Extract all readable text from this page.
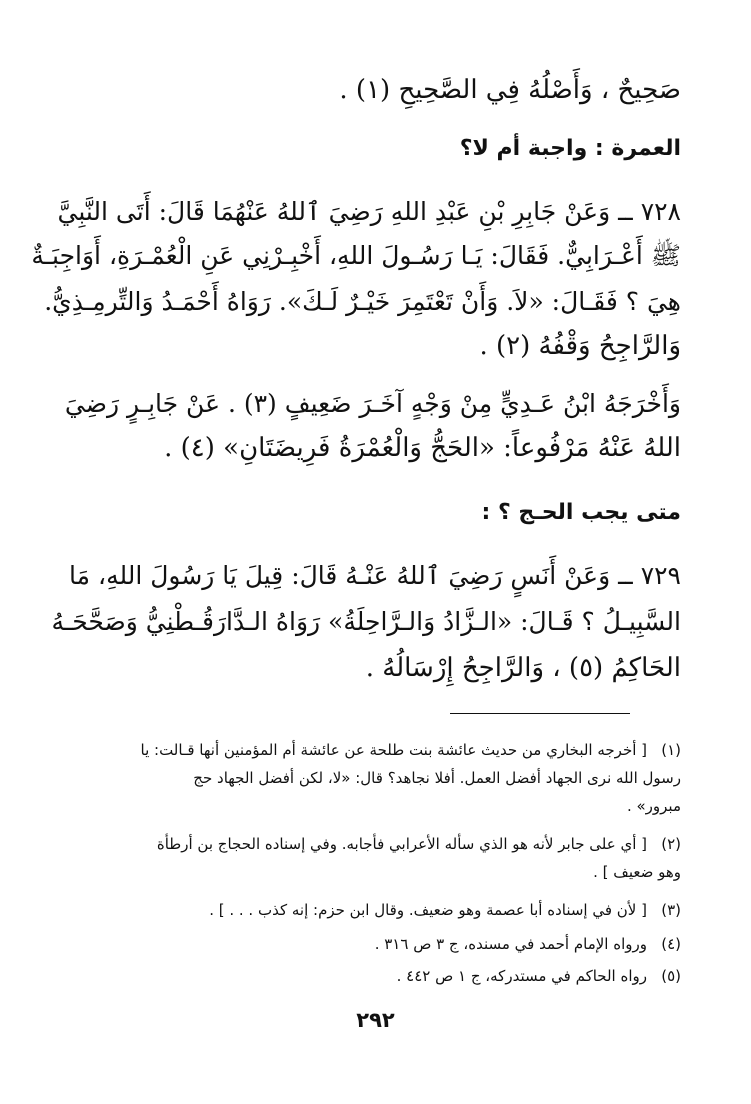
صَحِيحٌ ، وَأَصْلُهُ فِي الصَّحِيحِ (١) .
العمرة : واجبة أم لا؟
٧٢٨ ــ وَعَنْ جَابِرِ بْنِ عَبْدِ اللهِ رَضِيَ ٱللهُ عَنْهُمَا قَالَ: أَتَى النَّبِيَّ
ﷺ أَعْـرَابِيٌّ. فَقَالَ: يَـا رَسُـولَ اللهِ، أَخْبِـرْنِي عَنِ الْعُمْـرَةِ، أَوَاجِبَـةٌ
هِيَ ؟ فَقَـالَ: «لاَ. وَأَنْ تَعْتَمِرَ خَيْـرٌ لَـكَ». رَوَاهُ أَحْمَـدُ وَالتِّرمِـذِيُّ.
وَالرَّاجِحُ وَقْفُهُ (٢) .
وَأَخْرَجَهُ ابْنُ عَـدِيٍّ مِنْ وَجْهٍ آخَـرَ ضَعِيفٍ (٣) . عَنْ جَابِـرٍ رَضِيَ
اللهُ عَنْهُ مَرْفُوعاً: «الحَجُّ وَالْعُمْرَةُ فَرِيضَتَانِ» (٤) .
متى يجب الحـج ؟ :
٧٢٩ ــ وَعَنْ أَنَسٍ رَضِيَ ٱللهُ عَنْـهُ قَالَ: قِيلَ يَا رَسُولَ اللهِ، مَا
السَّبِيـلُ ؟ قَـالَ: «الـزَّادُ وَالـرَّاحِلَةُ» رَوَاهُ الـدَّارَقُـطْنِيُّ وَصَحَّحَـهُ
الحَاكِمُ (٥) ، وَالرَّاجِحُ إِرْسَالُهُ .
(١)[ أخرجه البخاري من حديث عائشة بنت طلحة عن عائشة أم المؤمنين أنها قـالت: يا
رسول الله نرى الجهاد أفضل العمل. أفلا نجاهد؟ قال: «لا، لكن أفضل الجهاد حج
مبرور» .
(٢)[ أي على جابر لأنه هو الذي سأله الأعرابي فأجابه. وفي إسناده الحجاج بن أرطأة
وهو ضعيف ] .
(٣)[ لأن في إسناده أبا عصمة وهو ضعيف. وقال ابن حزم: إنه كذب . . . ] .
(٤)ورواه الإمام أحمد في مسنده، ج ٣ ص ٣١٦ .
(٥)رواه الحاكم في مستدركه، ج ١ ص ٤٤٢ .
٢٩٢
